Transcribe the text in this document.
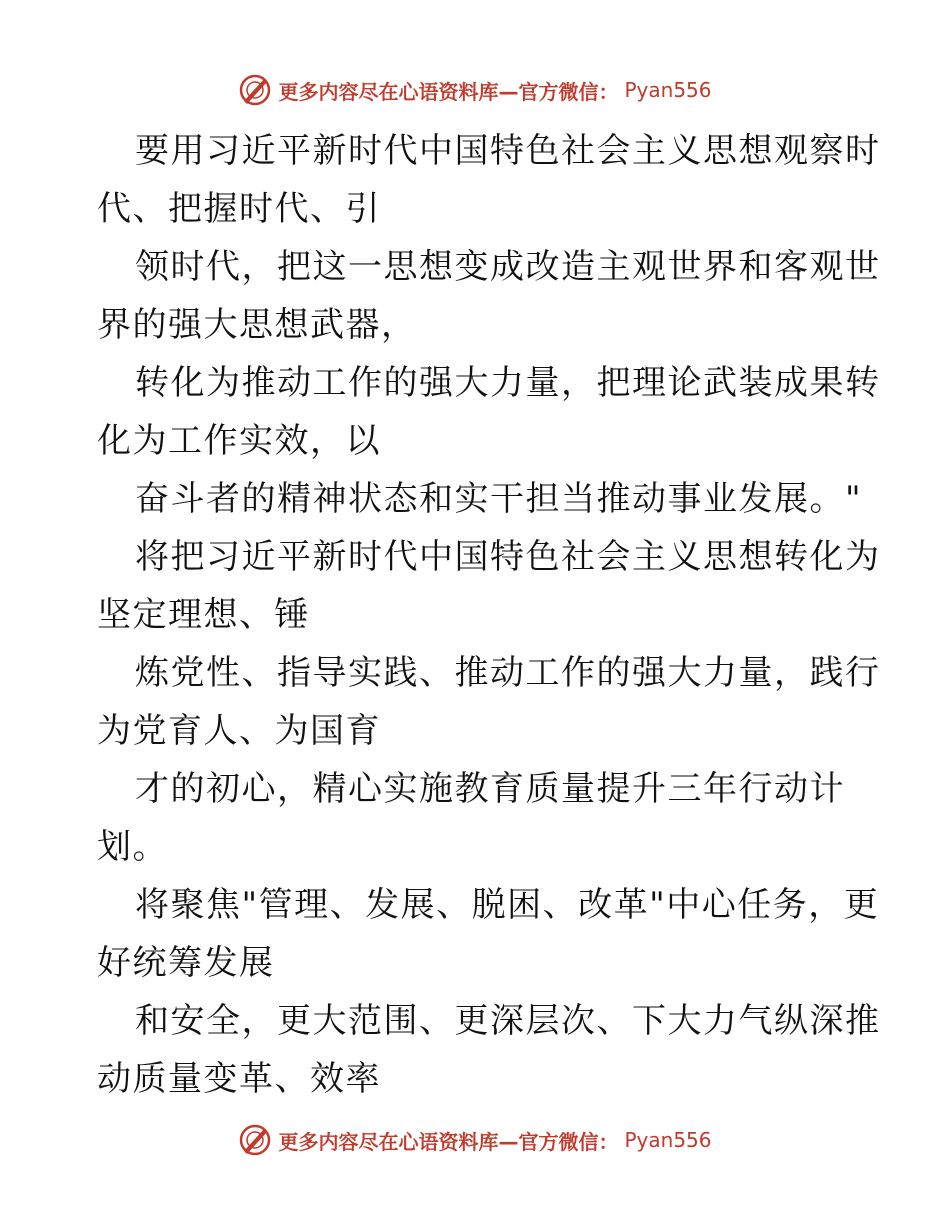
更多内容尽在心语资料库—官方微信： Pyan556
要用习近平新时代中国特色社会主义思想观察时
代、把握时代、引
领时代，把这一思想变成改造主观世界和客观世
界的强大思想武器，
转化为推动工作的强大力量，把理论武装成果转
化为工作实效，以
奋斗者的精神状态和实干担当推动事业发展。"
将把习近平新时代中国特色社会主义思想转化为
坚定理想、锤
炼党性、指导实践、推动工作的强大力量，践行
为党育人、为国育
才的初心，精心实施教育质量提升三年行动计
划。
将聚焦"管理、发展、脱困、改革"中心任务，更
好统筹发展
和安全，更大范围、更深层次、下大力气纵深推
动质量变革、效率
更多内容尽在心语资料库—官方微信： Pyan556
